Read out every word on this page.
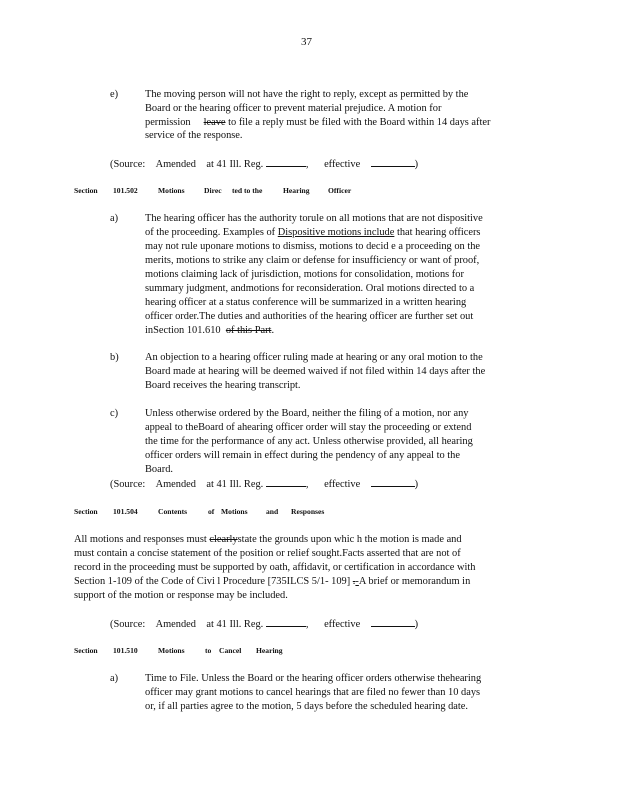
37
e)	The moving person will not have the right to reply, except as permitted by the
Board or the hearing officer to prevent material prejudice. A motion for
permission leave to file a reply must be filed with the Board within 14 days after
service of the response.
(Source: Amended at 41 Ill. Reg.	, effective	)
Section 101.502	Motions	Direc ted to the	Hearing Officer
a)	The hearing officer has the authority torule on all motions that are not dispositive
of the proceeding. Examples of Dispositive motions include that hearing officers
may not rule uponare motions to dismiss, motions to decid e a proceeding on the
merits, motions to strike any claim or defense for insufficiency or want of proof,
motions claiming lack of jurisdiction, motions for consolidation, motions for
summary judgment, andmotions for reconsideration. Oral motions directed to a
hearing officer at a status conference will be summarized in a written hearing
officer order.The duties and authorities of the hearing officer are further set out
inSection 101.610 of this Part.
b)	An objection to a hearing officer ruling made at hearing or any oral motion to the
Board made at hearing will be deemed waived if not filed within 14 days after the
Board receives the hearing transcript.
c)	Unless otherwise ordered by the Board, neither the filing of a motion, nor any
appeal to theBoard of ahearing officer order will stay the proceeding or extend
the time for the performance of any act. Unless otherwise provided, all hearing
officer orders will remain in effect during the pendency of any appeal to the
Board.
(Source: Amended at 41 Ill. Reg.	, effective	)
Section 101.504	Contents	of Motions and Responses
All motions and responses must clearlystate the grounds upon whic h the motion is made and
must contain a concise statement of the position or relief sought.Facts asserted that are not of
record in the proceeding must be supported by oath, affidavit, or certification in accordance with
Section 1-109 of the Code of Civi l Procedure [735ILCS 5/1- 109] .-A brief or memorandum in
support of the motion or response may be included.
(Source: Amended at 41 Ill. Reg.	, effective	)
Section 101.510	Motions	to Cancel Hearing
a)	Time to File. Unless the Board or the hearing officer orders otherwise thehearing
officer may grant motions to cancel hearings that are filed no fewer than 10 days
or, if all parties agree to the motion, 5 days before the scheduled hearing date.
